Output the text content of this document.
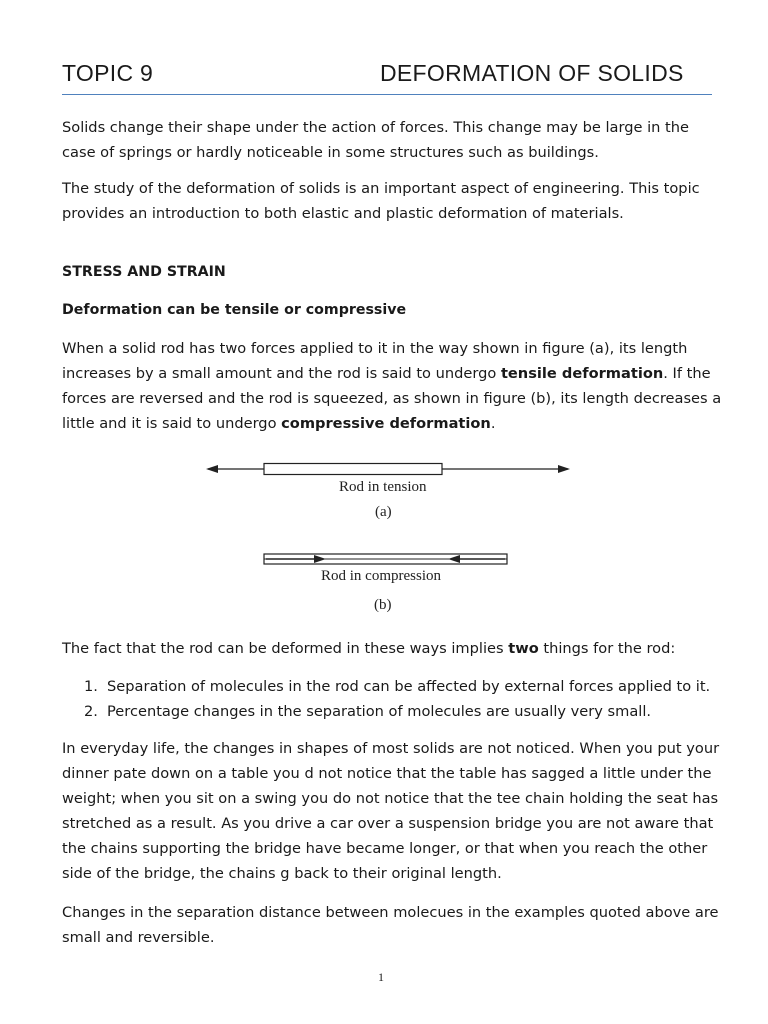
TOPIC 9	DEFORMATION OF SOLIDS

Solids change their shape under the action of forces. This change may be large in the case of springs or hardly noticeable in some structures such as buildings.

The study of the deformation of solids is an important aspect of engineering. This topic provides an introduction to both elastic and plastic deformation of materials.

STRESS AND STRAIN

Deformation can be tensile or compressive

When a solid rod has two forces applied to it in the way shown in figure (a), its length increases by a small amount and the rod is said to undergo tensile deformation. If the forces are reversed and the rod is squeezed, as shown in figure (b), its length decreases a little and it is said to undergo compressive deformation.

Rod in tension
(a)
Rod in compression
(b)

The fact that the rod can be deformed in these ways implies two things for the rod:

1. Separation of molecules in the rod can be affected by external forces applied to it.
2. Percentage changes in the separation of molecules are usually very small.

In everyday life, the changes in shapes of most solids are not noticed. When you put your dinner pate down on a table you d not notice that the table has sagged a little under the weight; when you sit on a swing you do not notice that the tee chain holding the seat has stretched as a result. As you drive a car over a suspension bridge you are not aware that the chains supporting the bridge have became longer, or that when you reach the other side of the bridge, the chains g back to their original length.

Changes in the separation distance between molecues in the examples quoted above are small and reversible.

1
